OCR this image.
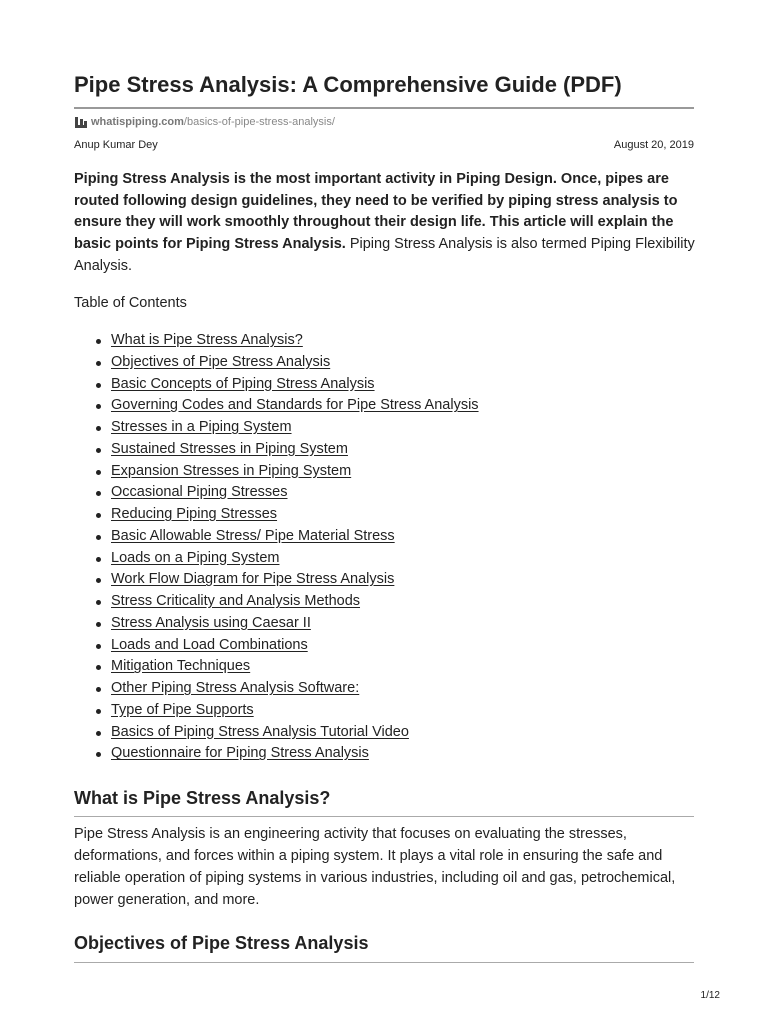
Pipe Stress Analysis: A Comprehensive Guide (PDF)
whatispiping.com /basics-of-pipe-stress-analysis/
Anup Kumar Dey	August 20, 2019

Piping Stress Analysis is the most important activity in Piping Design. Once, pipes are routed following design guidelines, they need to be verified by piping stress analysis to ensure they will work smoothly throughout their design life. This article will explain the basic points for Piping Stress Analysis. Piping Stress Analysis is also termed Piping Flexibility Analysis.

Table of Contents

What is Pipe Stress Analysis?
Objectives of Pipe Stress Analysis
Basic Concepts of Piping Stress Analysis
Governing Codes and Standards for Pipe Stress Analysis
Stresses in a Piping System
Sustained Stresses in Piping System
Expansion Stresses in Piping System
Occasional Piping Stresses
Reducing Piping Stresses
Basic Allowable Stress/ Pipe Material Stress
Loads on a Piping System
Work Flow Diagram for Pipe Stress Analysis
Stress Criticality and Analysis Methods
Stress Analysis using Caesar II
Loads and Load Combinations
Mitigation Techniques
Other Piping Stress Analysis Software:
Type of Pipe Supports
Basics of Piping Stress Analysis Tutorial Video
Questionnaire for Piping Stress Analysis
What is Pipe Stress Analysis?

Pipe Stress Analysis is an engineering activity that focuses on evaluating the stresses, deformations, and forces within a piping system. It plays a vital role in ensuring the safe and reliable operation of piping systems in various industries, including oil and gas, petrochemical, power generation, and more.

Objectives of Pipe Stress Analysis
1/12
